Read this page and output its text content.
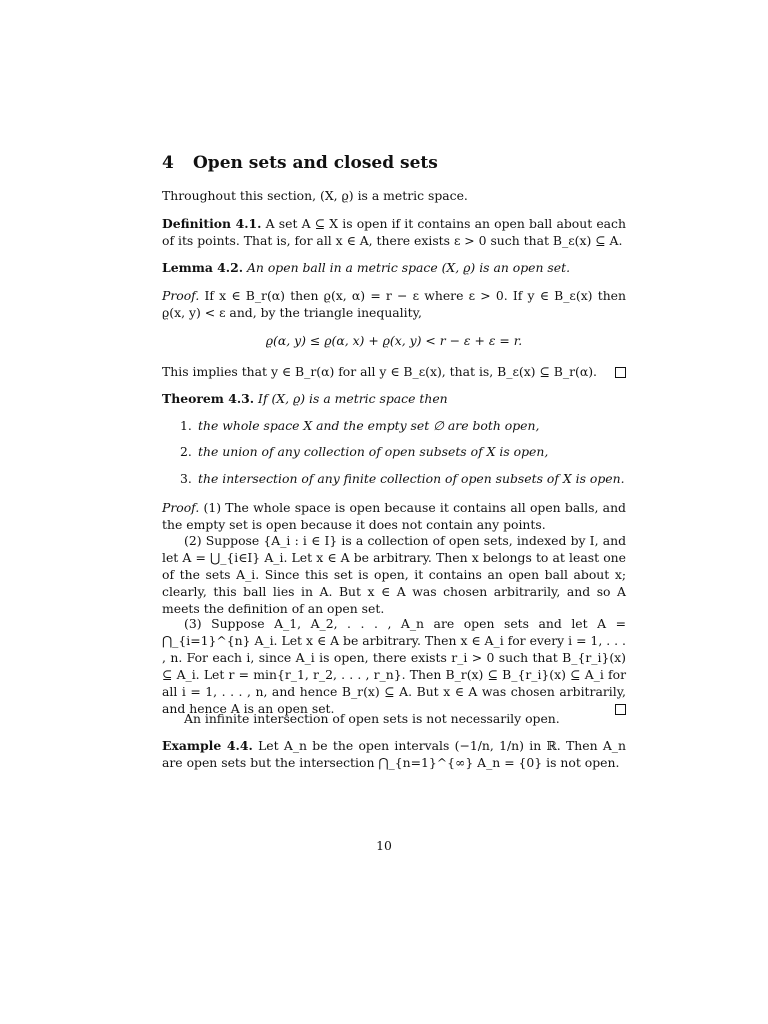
4 Open sets and closed sets
Throughout this section, (X, ϱ) is a metric space.
Definition 4.1. A set A ⊆ X is open if it contains an open ball about each
of its points. That is, for all x ∈ A, there exists ε > 0 such that B_ε(x) ⊆ A.
Lemma 4.2. An open ball in a metric space (X, ϱ) is an open set.
Proof. If x ∈ B_r(α) then ϱ(x, α) = r − ε where ε > 0. If y ∈ B_ε(x) then
ϱ(x, y) < ε and, by the triangle inequality,
ϱ(α, y) ≤ ϱ(α, x) + ϱ(x, y) < r − ε + ε = r.
This implies that y ∈ B_r(α) for all y ∈ B_ε(x), that is, B_ε(x) ⊆ B_r(α).
Theorem 4.3. If (X, ϱ) is a metric space then
1. the whole space X and the empty set ∅ are both open,
2. the union of any collection of open subsets of X is open,
3. the intersection of any finite collection of open subsets of X is open.
Proof. (1) The whole space is open because it contains all open balls, and the empty set is open because it does not contain any points.
(2) Suppose {A_i : i ∈ I} is a collection of open sets, indexed by I, and let A = ⋃_{i∈I} A_i. Let x ∈ A be arbitrary. Then x belongs to at least one of the sets A_i. Since this set is open, it contains an open ball about x; clearly, this ball lies in A. But x ∈ A was chosen arbitrarily, and so A meets the definition of an open set.
(3) Suppose A_1, A_2, . . . , A_n are open sets and let A = ⋂_{i=1}^{n} A_i. Let x ∈ A be arbitrary. Then x ∈ A_i for every i = 1, . . . , n. For each i, since A_i is open, there exists r_i > 0 such that B_{r_i}(x) ⊆ A_i. Let r = min{r_1, r_2, . . . , r_n}. Then B_r(x) ⊆ B_{r_i}(x) ⊆ A_i for all i = 1, . . . , n, and hence B_r(x) ⊆ A. But x ∈ A was chosen arbitrarily, and hence A is an open set.
An infinite intersection of open sets is not necessarily open.
Example 4.4. Let A_n be the open intervals (−1/n, 1/n) in ℝ. Then A_n
are open sets but the intersection ⋂_{n=1}^{∞} A_n = {0} is not open.
10
